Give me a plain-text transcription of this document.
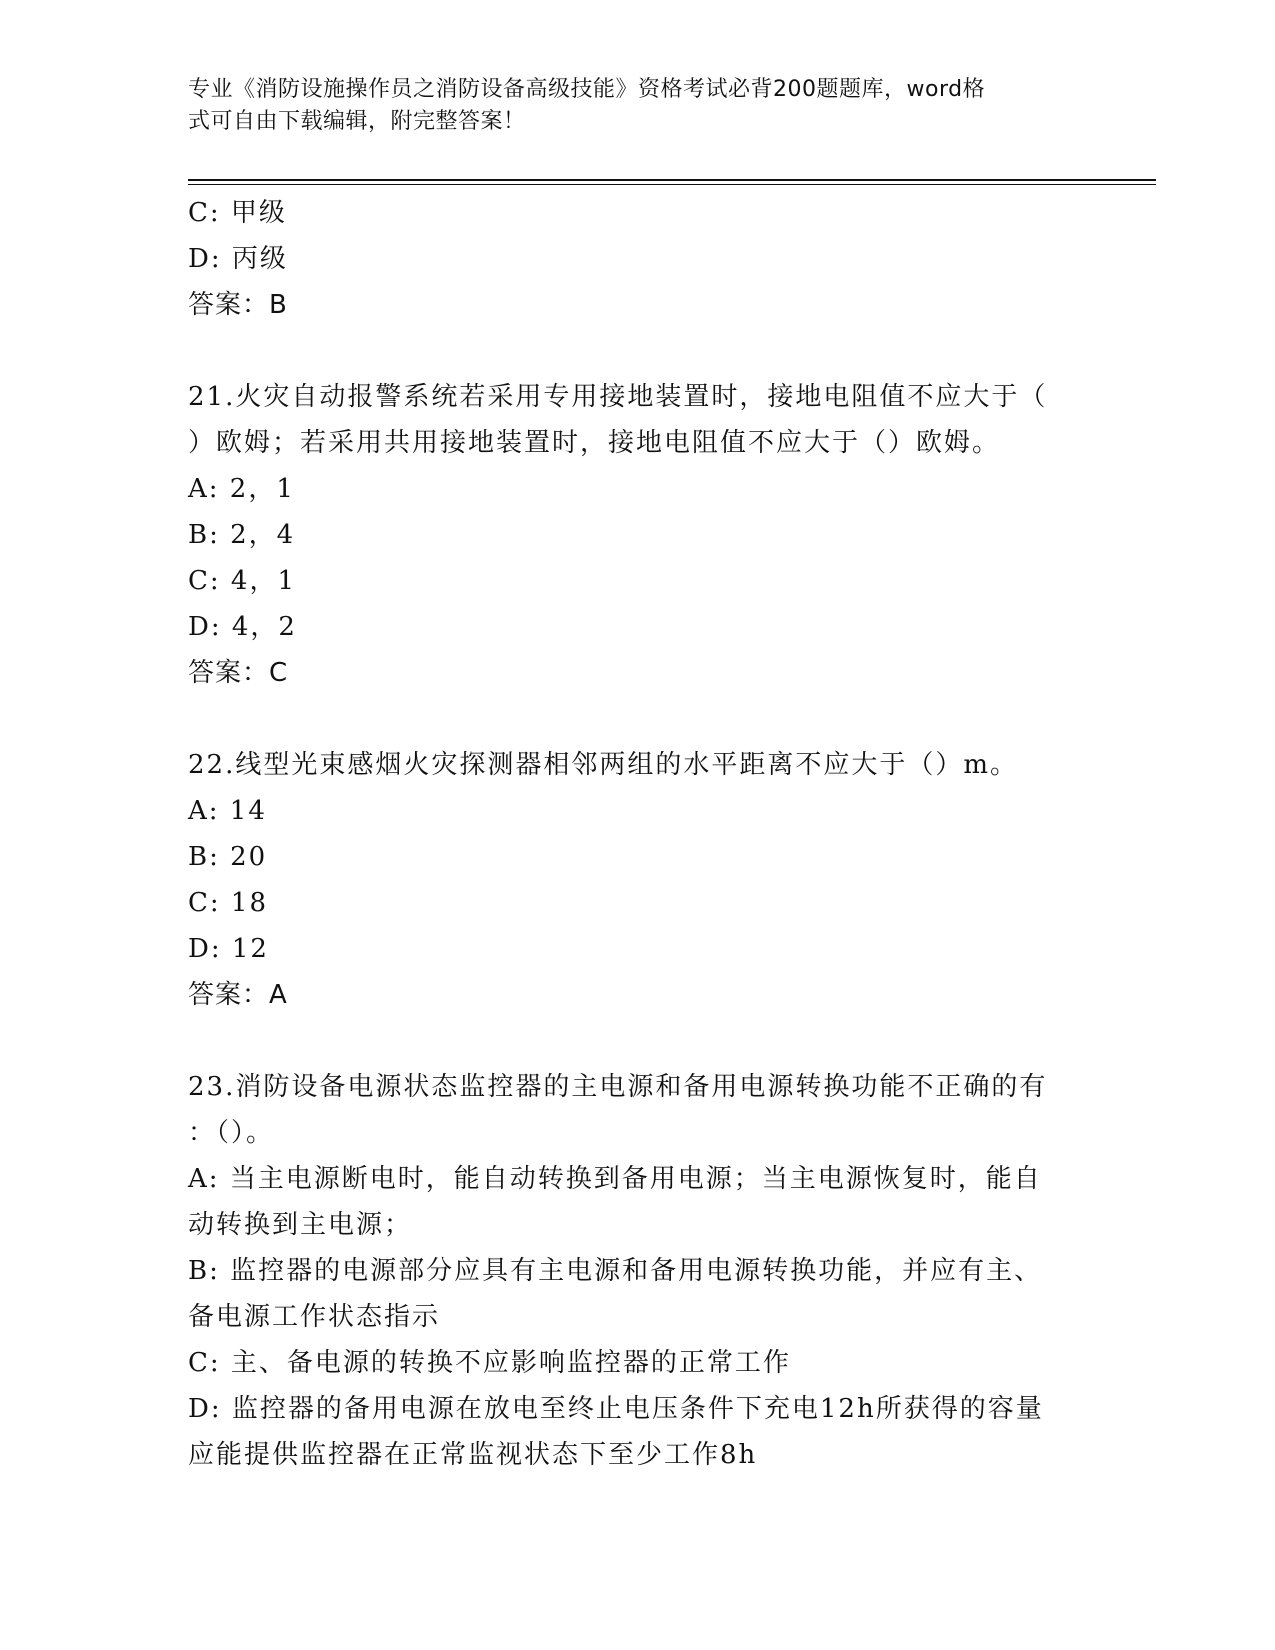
专业《消防设施操作员之消防设备高级技能》资格考试必背200题题库，word格
式可自由下载编辑，附完整答案！
C: 甲级
D: 丙级
答案：B
21.火灾自动报警系统若采用专用接地装置时，接地电阻值不应大于（
）欧姆；若采用共用接地装置时，接地电阻值不应大于（）欧姆。
A: 2，1
B: 2，4
C: 4，1
D: 4，2
答案：C
22.线型光束感烟火灾探测器相邻两组的水平距离不应大于（）m。
A: 14
B: 20
C: 18
D: 12
答案：A
23.消防设备电源状态监控器的主电源和备用电源转换功能不正确的有
：（）。
A: 当主电源断电时，能自动转换到备用电源；当主电源恢复时，能自
动转换到主电源；
B: 监控器的电源部分应具有主电源和备用电源转换功能，并应有主、
备电源工作状态指示
C: 主、备电源的转换不应影响监控器的正常工作
D: 监控器的备用电源在放电至终止电压条件下充电12h所获得的容量
应能提供监控器在正常监视状态下至少工作8h
